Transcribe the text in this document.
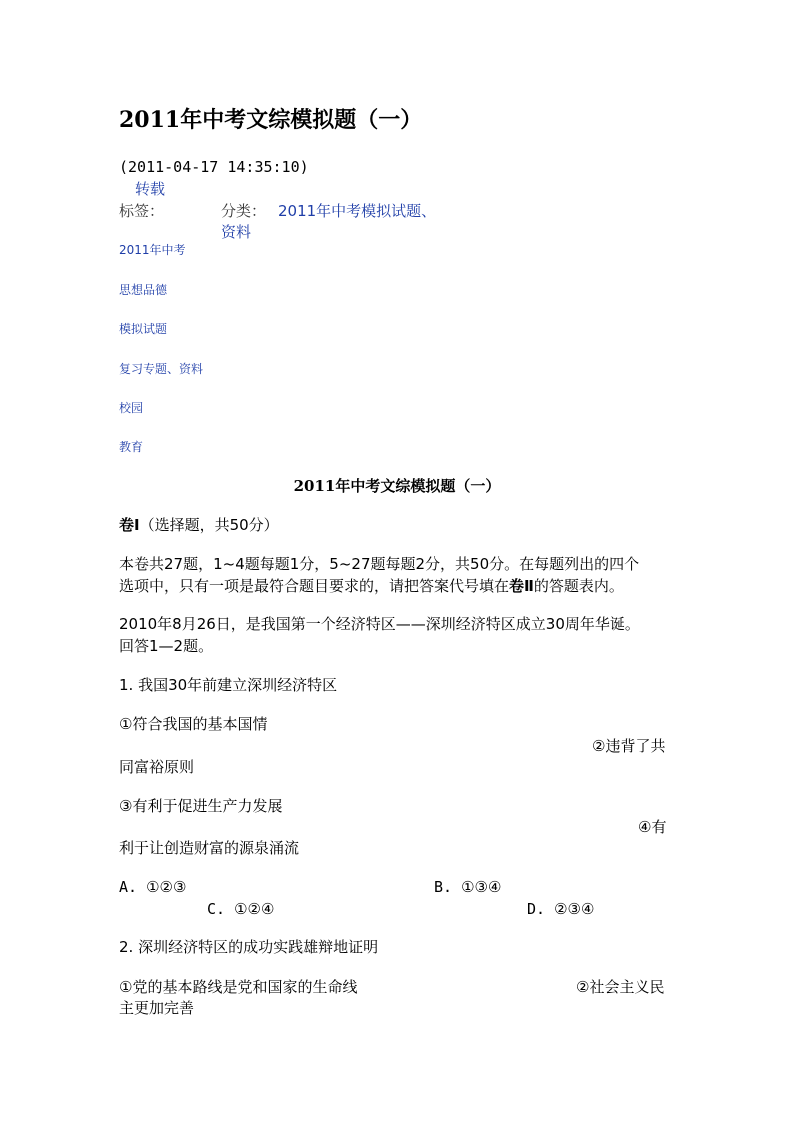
2011年中考文综模拟题（一）
(2011-04-17 14:35:10)
转载
标签：	分类： 2011年中考模拟试题、
资料
2011年中考
思想品德
模拟试题
复习专题、资料
校园
教育
2011年中考文综模拟题（一）
卷Ⅰ（选择题，共50分）
本卷共27题，1~4题每题1分，5~27题每题2分，共50分。在每题列出的四个
选项中，只有一项是最符合题目要求的，请把答案代号填在卷Ⅱ的答题表内。
2010年8月26日，是我国第一个经济特区——深圳经济特区成立30周年华诞。
回答1—2题。
1. 我国30年前建立深圳经济特区
①符合我国的基本国情
②违背了共
同富裕原则
③有利于促进生产力发展
④有
利于让创造财富的源泉涌流
A. ①②③	B. ①③④
C. ①②④	D. ②③④
2. 深圳经济特区的成功实践雄辩地证明
①党的基本路线是党和国家的生命线	②社会主义民
主更加完善
